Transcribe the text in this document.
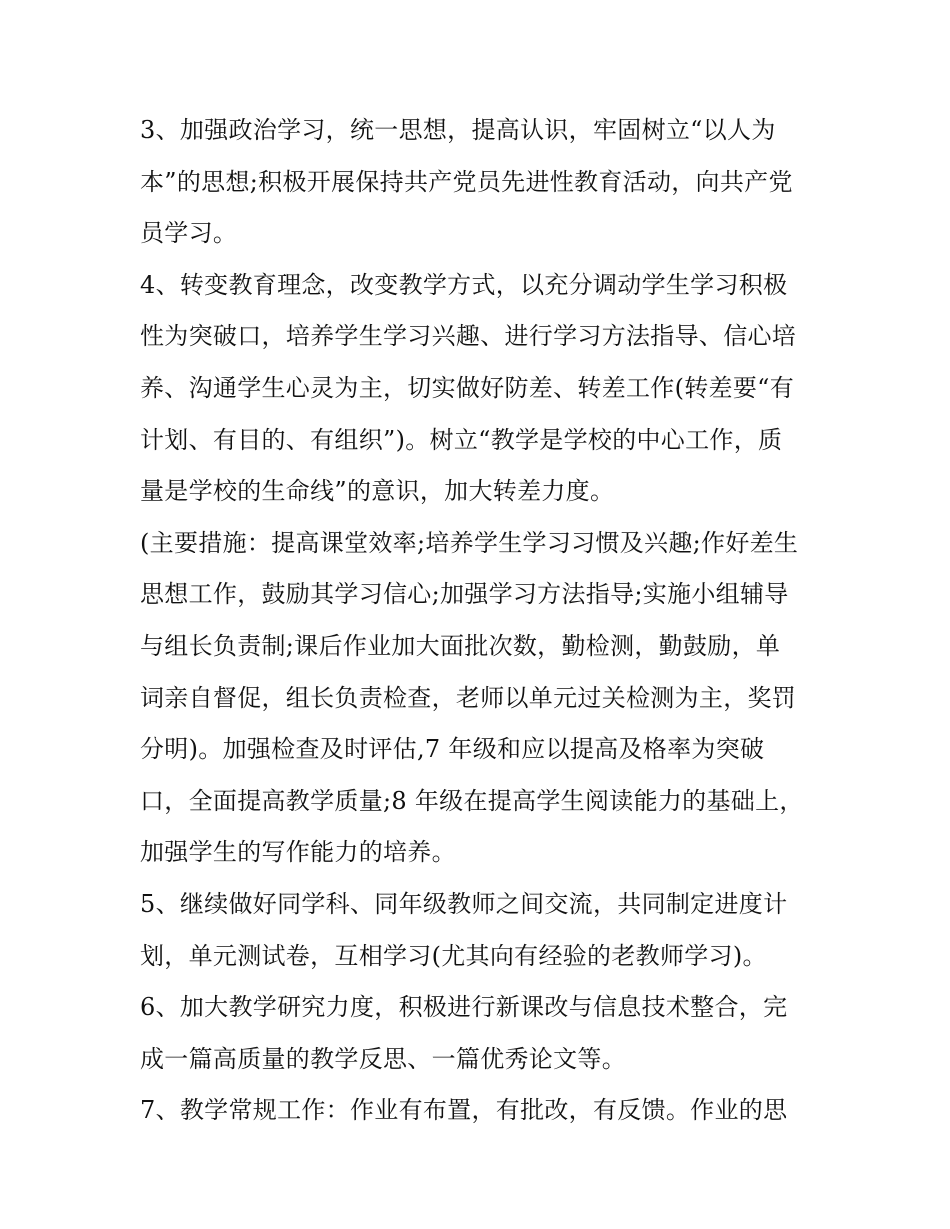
3、加强政治学习，统一思想，提高认识，牢固树立“以人为
本”的思想;积极开展保持共产党员先进性教育活动，向共产党
员学习。
4、转变教育理念，改变教学方式，以充分调动学生学习积极
性为突破口，培养学生学习兴趣、进行学习方法指导、信心培
养、沟通学生心灵为主，切实做好防差、转差工作(转差要“有
计划、有目的、有组织”)。树立“教学是学校的中心工作，质
量是学校的生命线”的意识，加大转差力度。
(主要措施：提高课堂效率;培养学生学习习惯及兴趣;作好差生
思想工作，鼓励其学习信心;加强学习方法指导;实施小组辅导
与组长负责制;课后作业加大面批次数，勤检测，勤鼓励，单
词亲自督促，组长负责检查，老师以单元过关检测为主，奖罚
分明)。加强检查及时评估,7 年级和应以提高及格率为突破
口，全面提高教学质量;8 年级在提高学生阅读能力的基础上，
加强学生的写作能力的培养。
5、继续做好同学科、同年级教师之间交流，共同制定进度计
划，单元测试卷，互相学习(尤其向有经验的老教师学习)。
6、加大教学研究力度，积极进行新课改与信息技术整合，完
成一篇高质量的教学反思、一篇优秀论文等。
7、教学常规工作：作业有布置，有批改，有反馈。作业的思
